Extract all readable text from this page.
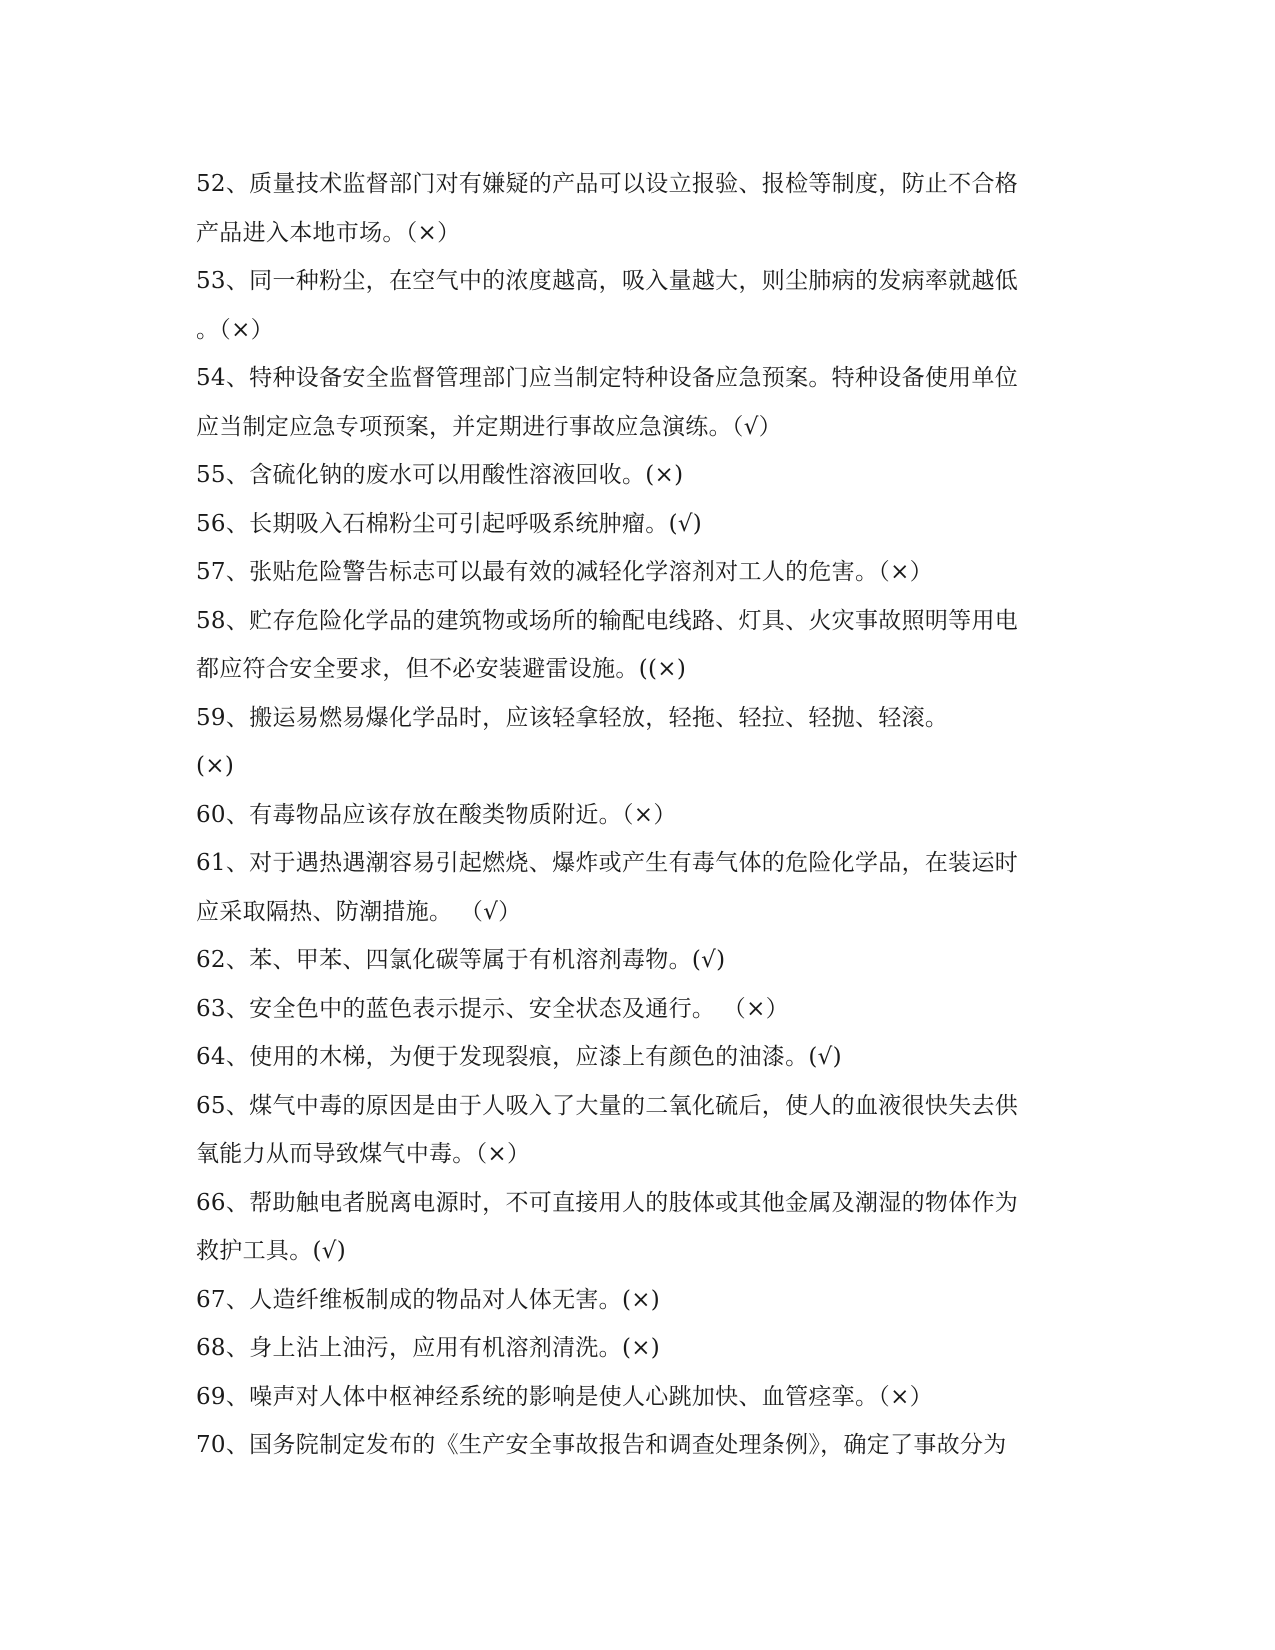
52、质量技术监督部门对有嫌疑的产品可以设立报验、报检等制度，防止不合格
产品进入本地市场。（×）
53、同一种粉尘，在空气中的浓度越高，吸入量越大，则尘肺病的发病率就越低
。（×）
54、特种设备安全监督管理部门应当制定特种设备应急预案。特种设备使用单位
应当制定应急专项预案，并定期进行事故应急演练。（√）
55、含硫化钠的废水可以用酸性溶液回收。(×)
56、长期吸入石棉粉尘可引起呼吸系统肿瘤。(√)
57、张贴危险警告标志可以最有效的减轻化学溶剂对工人的危害。（×）
58、贮存危险化学品的建筑物或场所的输配电线路、灯具、火灾事故照明等用电
都应符合安全要求，但不必安装避雷设施。((×)
59、搬运易燃易爆化学品时，应该轻拿轻放，轻拖、轻拉、轻抛、轻滚。
(×)
60、有毒物品应该存放在酸类物质附近。（×）
61、对于遇热遇潮容易引起燃烧、爆炸或产生有毒气体的危险化学品，在装运时
应采取隔热、防潮措施。 （√）
62、苯、甲苯、四氯化碳等属于有机溶剂毒物。(√)
63、安全色中的蓝色表示提示、安全状态及通行。 （×）
64、使用的木梯，为便于发现裂痕，应漆上有颜色的油漆。(√)
65、煤气中毒的原因是由于人吸入了大量的二氧化硫后，使人的血液很快失去供
氧能力从而导致煤气中毒。（×）
66、帮助触电者脱离电源时，不可直接用人的肢体或其他金属及潮湿的物体作为
救护工具。(√)
67、人造纤维板制成的物品对人体无害。(×)
68、身上沾上油污，应用有机溶剂清洗。(×)
69、噪声对人体中枢神经系统的影响是使人心跳加快、血管痉挛。（×）
70、国务院制定发布的《生产安全事故报告和调查处理条例》，确定了事故分为
